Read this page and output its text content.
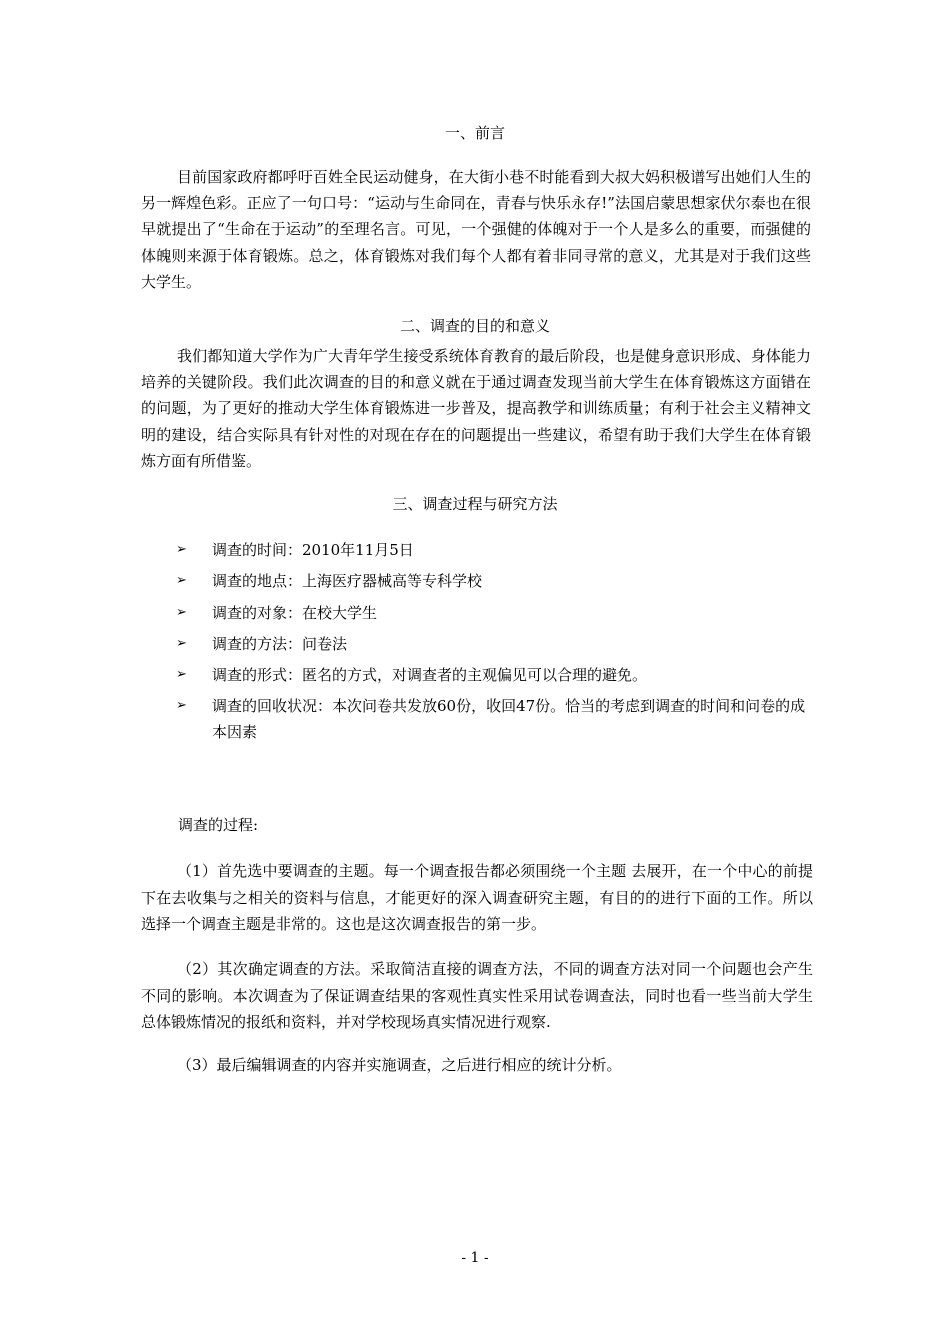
一、前言

目前国家政府都呼吁百姓全民运动健身，在大街小巷不时能看到大叔大妈积极谱写出她们人生的另一辉煌色彩。正应了一句口号：“运动与生命同在，青春与快乐永存!”法国启蒙思想家伏尔泰也在很早就提出了“生命在于运动”的至理名言。可见，一个强健的体魄对于一个人是多么的重要，而强健的体魄则来源于体育锻炼。总之，体育锻炼对我们每个人都有着非同寻常的意义，尤其是对于我们这些大学生。

二、调查的目的和意义

我们都知道大学作为广大青年学生接受系统体育教育的最后阶段，也是健身意识形成、身体能力培养的关键阶段。我们此次调查的目的和意义就在于通过调查发现当前大学生在体育锻炼这方面错在的问题，为了更好的推动大学生体育锻炼进一步普及，提高教学和训练质量；有利于社会主义精神文明的建设，结合实际具有针对性的对现在存在的问题提出一些建议，希望有助于我们大学生在体育锻炼方面有所借鉴。

三、调查过程与研究方法
➢ 调查的时间：2010年11月5日
➢ 调查的地点：上海医疗器械高等专科学校
➢ 调查的对象：在校大学生
➢ 调查的方法：问卷法
➢ 调查的形式：匿名的方式，对调查者的主观偏见可以合理的避免。
➢ 调查的回收状况：本次问卷共发放60份，收回47份。恰当的考虑到调查的时间和问卷的成本因素

调查的过程:

（1）首先选中要调查的主题。每一个调查报告都必须围绕一个主题 去展开，在一个中心的前提下在去收集与之相关的资料与信息，才能更好的深入调查研究主题，有目的的进行下面的工作。所以选择一个调查主题是非常的。这也是这次调查报告的第一步。

（2）其次确定调查的方法。采取简洁直接的调查方法，不同的调查方法对同一个问题也会产生不同的影响。本次调查为了保证调查结果的客观性真实性采用试卷调查法，同时也看一些当前大学生总体锻炼情况的报纸和资料，并对学校现场真实情况进行观察.

（3）最后编辑调查的内容并实施调查，之后进行相应的统计分析。

- 1 -
